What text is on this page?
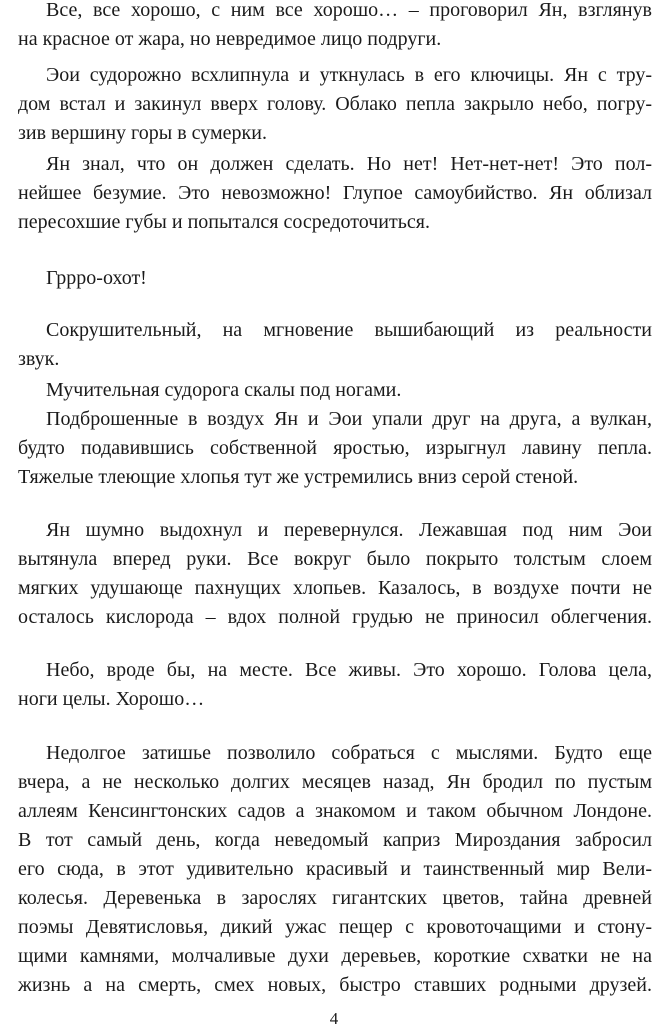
Все, все хорошо, с ним все хорошо… – проговорил Ян, взглянув

на красное от жара, но невредимое лицо подруги.

Эои судорожно всхлипнула и уткнулась в его ключицы. Ян с тру-

дом встал и закинул вверх голову. Облако пепла закрыло небо, погру-

зив вершину горы в сумерки.

Ян знал, что он должен сделать. Но нет! Нет-нет-нет! Это пол-

нейшее безумие. Это невозможно! Глупое самоубийство. Ян облизал

пересохшие губы и попытался сосредоточиться.

Гррро-охот!

Сокрушительный, на мгновение вышибающий из реальности

звук.

Мучительная судорога скалы под ногами.

Подброшенные в воздух Ян и Эои упали друг на друга, а вулкан,

будто подавившись собственной яростью, изрыгнул лавину пепла.

Тяжелые тлеющие хлопья тут же устремились вниз серой стеной.

Ян шумно выдохнул и перевернулся. Лежавшая под ним Эои

вытянула вперед руки. Все вокруг было покрыто толстым слоем

мягких удушающе пахнущих хлопьев. Казалось, в воздухе почти не

осталось кислорода – вдох полной грудью не приносил облегчения.

Небо, вроде бы, на месте. Все живы. Это хорошо. Голова цела,

ноги целы. Хорошо…

Недолгое затишье позволило собраться с мыслями. Будто еще

вчера, а не несколько долгих месяцев назад, Ян бродил по пустым

аллеям Кенсингтонских садов а знакомом и таком обычном Лондоне.

В тот самый день, когда неведомый каприз Мироздания забросил

его сюда, в этот удивительно красивый и таинственный мир Вели-

колесья. Деревенька в зарослях гигантских цветов, тайна древней

поэмы Девятисловья, дикий ужас пещер с кровоточащими и стону-

щими камнями, молчаливые духи деревьев, короткие схватки не на

жизнь а на смерть, смех новых, быстро ставших родными друзей.

4
